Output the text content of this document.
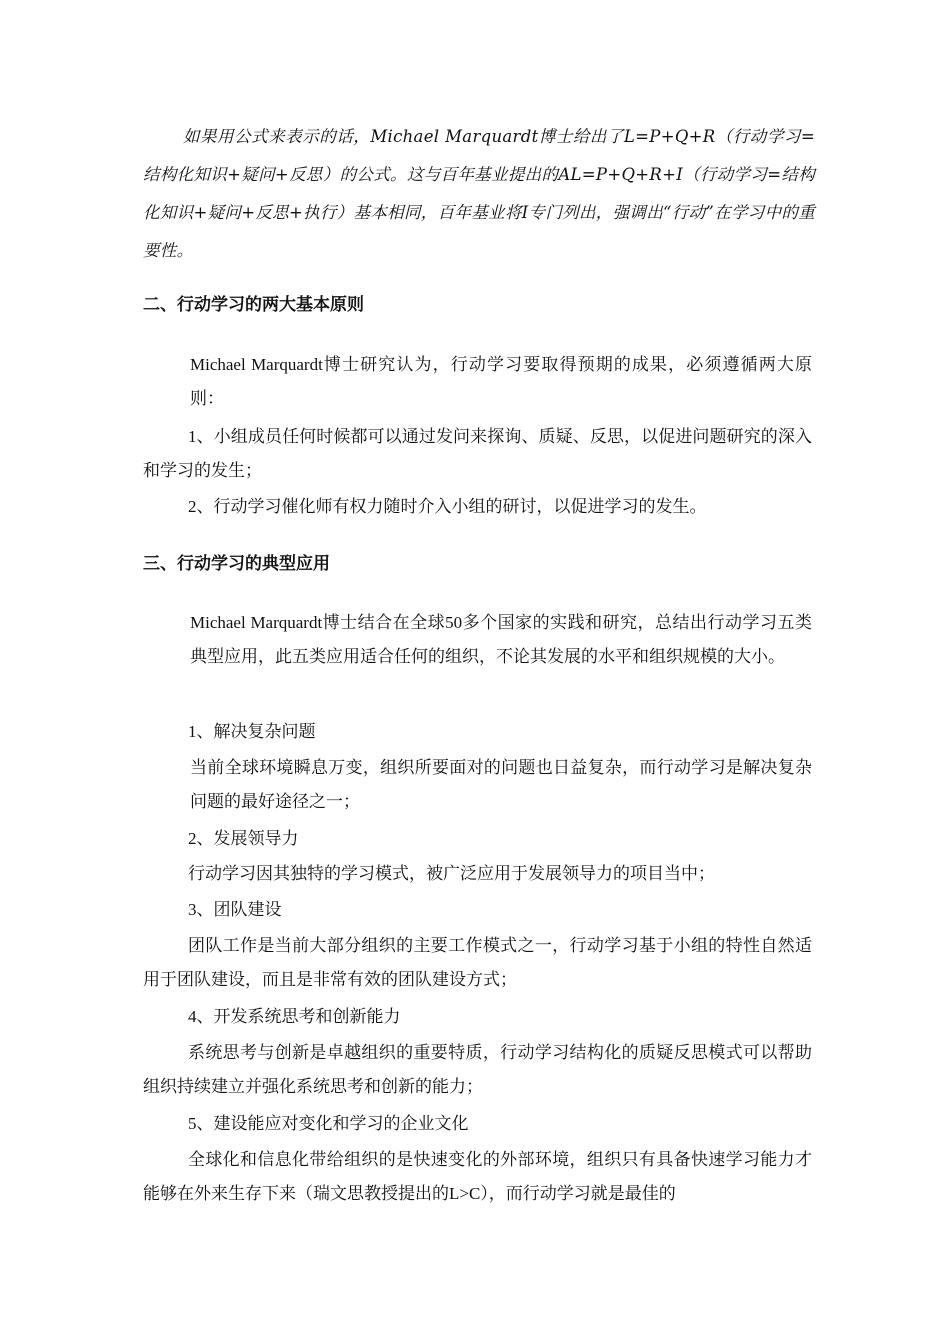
如果用公式来表示的话，Michael Marquardt博士给出了L=P+Q+R（行动学习=结构化知识+疑问+反思）的公式。这与百年基业提出的AL=P+Q+R+I（行动学习=结构化知识+疑问+反思+执行）基本相同，百年基业将I专门列出，强调出“行动”在学习中的重要性。

二、行动学习的两大基本原则

Michael Marquardt博士研究认为，行动学习要取得预期的成果，必须遵循两大原则：

1、小组成员任何时候都可以通过发问来探询、质疑、反思，以促进问题研究的深入和学习的发生；

2、行动学习催化师有权力随时介入小组的研讨，以促进学习的发生。

三、行动学习的典型应用

Michael Marquardt博士结合在全球50多个国家的实践和研究，总结出行动学习五类典型应用，此五类应用适合任何的组织，不论其发展的水平和组织规模的大小。

1、解决复杂问题

当前全球环境瞬息万变，组织所要面对的问题也日益复杂，而行动学习是解决复杂问题的最好途径之一；

2、发展领导力

行动学习因其独特的学习模式，被广泛应用于发展领导力的项目当中；

3、团队建设

团队工作是当前大部分组织的主要工作模式之一，行动学习基于小组的特性自然适用于团队建设，而且是非常有效的团队建设方式；

4、开发系统思考和创新能力

系统思考与创新是卓越组织的重要特质，行动学习结构化的质疑反思模式可以帮助组织持续建立并强化系统思考和创新的能力；

5、建设能应对变化和学习的企业文化

全球化和信息化带给组织的是快速变化的外部环境，组织只有具备快速学习能力才能够在外来生存下来（瑞文思教授提出的L>C），而行动学习就是最佳的
